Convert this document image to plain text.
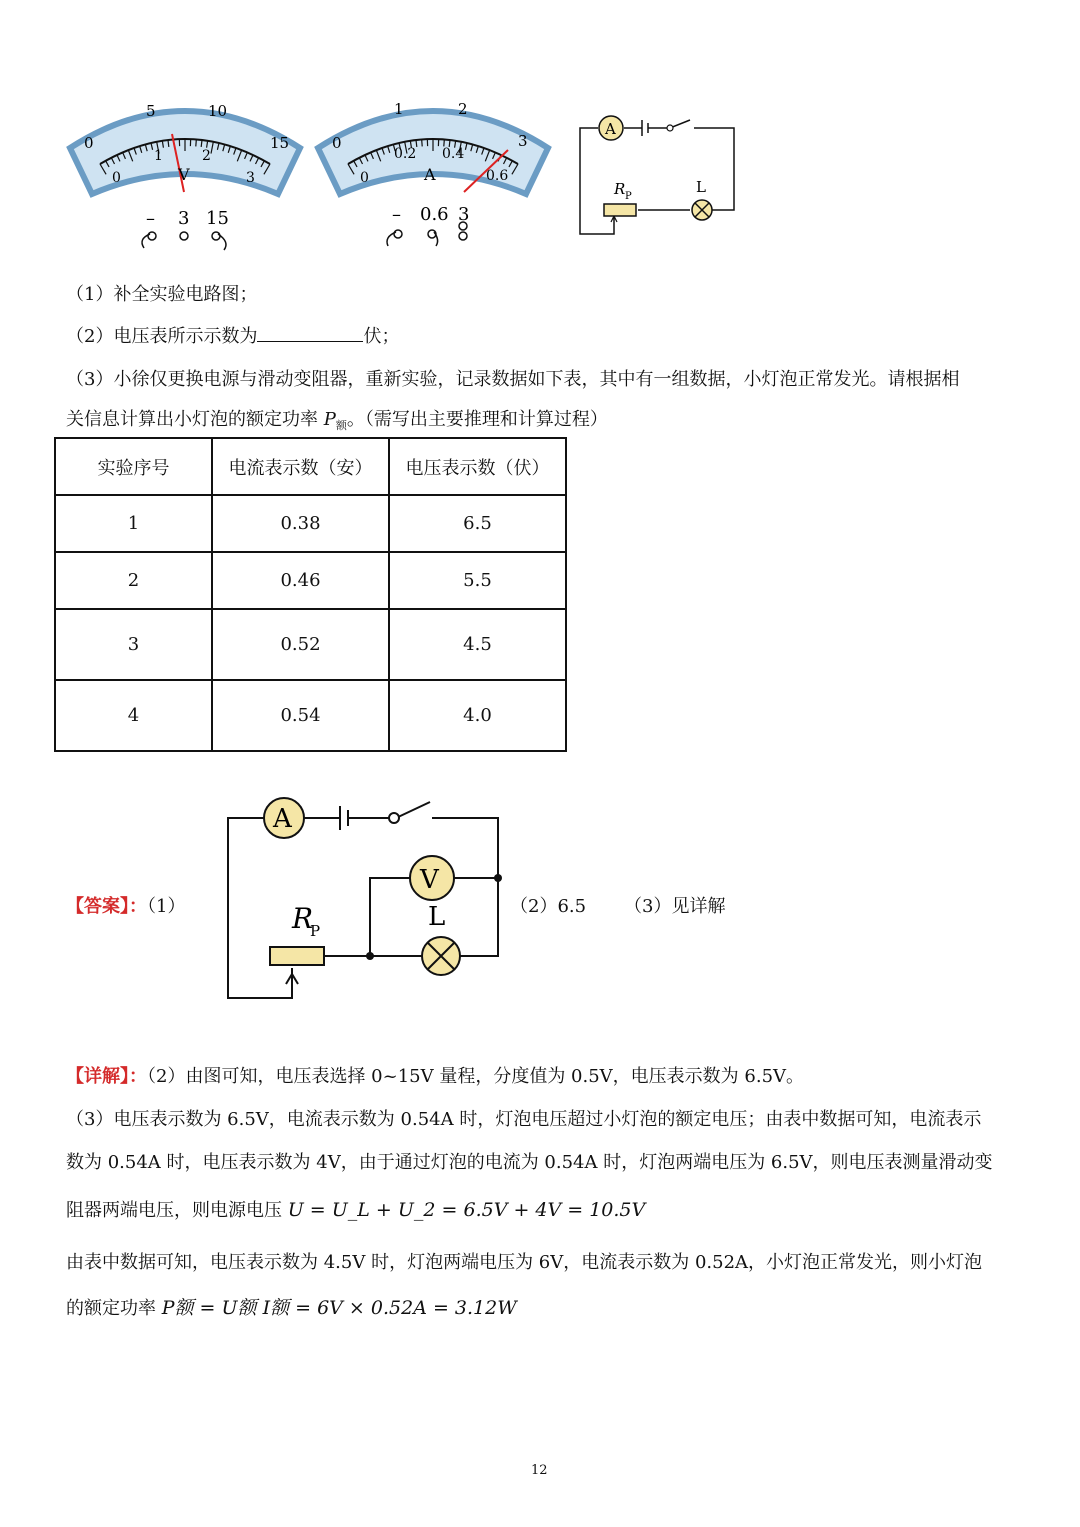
0
5	10
15
0
1	2
3
V
– 3 15
0
1	2
3
0
0.2 0.4
0.6
A
– 0.6 3
A
R P
L
（1）补全实验电路图；
（2）电压表所示示数为	伏；
（3）小徐仅更换电源与滑动变阻器，重新实验，记录数据如下表，其中有一组数据，小灯泡正常发光。请根据相
关信息计算出小灯泡的额定功率 $P_额$。（需写出主要推理和计算过程）
实验序号	电流表示数（安）	电压表示数（伏）
1	0.38	6.5
2	0.46	5.5
3	0.52	4.5
4	0.54	4.0
【答案】：（1）	（2）6.5 （3）见详解
A
V
L
R
P
【详解】：（2）由图可知，电压表选择 0~15V 量程，分度值为 0.5V，电压表示数为 6.5V。
（3）电压表示数为 6.5V，电流表示数为 0.54A 时，灯泡电压超过小灯泡的额定电压；由表中数据可知，电流表示
数为 0.54A 时，电压表示数为 4V，由于通过灯泡的电流为 0.54A 时，灯泡两端电压为 6.5V，则电压表测量滑动变
阻器两端电压，则电源电压 U = U_L + U_2 = 6.5V + 4V = 10.5V
由表中数据可知，电压表示数为 4.5V 时，灯泡两端电压为 6V，电流表示数为 0.52A，小灯泡正常发光，则小灯泡
的额定功率 P额 = U额 I额 = 6V × 0.52A = 3.12W
12
